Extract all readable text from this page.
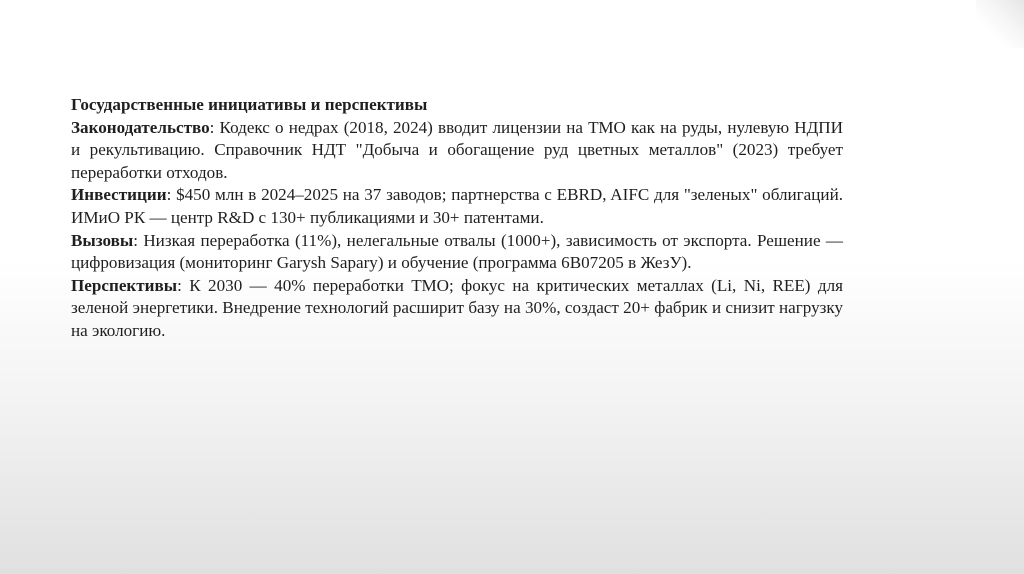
Государственные инициативы и перспективы

Законодательство: Кодекс о недрах (2018, 2024) вводит лицензии на ТМО как на руды, нулевую НДПИ и рекультивацию. Справочник НДТ "Добыча и обогащение руд цветных металлов" (2023) требует переработки отходов.

Инвестиции: $450 млн в 2024–2025 на 37 заводов; партнерства с EBRD, AIFC для "зеленых" облигаций. ИМиО РК — центр R&D с 130+ публикациями и 30+ патентами.

Вызовы: Низкая переработка (11%), нелегальные отвалы (1000+), зависимость от экспорта. Решение — цифровизация (мониторинг Garysh Sapary) и обучение (программа 6B07205 в ЖезУ).

Перспективы: К 2030 — 40% переработки ТМО; фокус на критических металлах (Li, Ni, REE) для зеленой энергетики. Внедрение технологий расширит базу на 30%, создаст 20+ фабрик и снизит нагрузку на экологию.
